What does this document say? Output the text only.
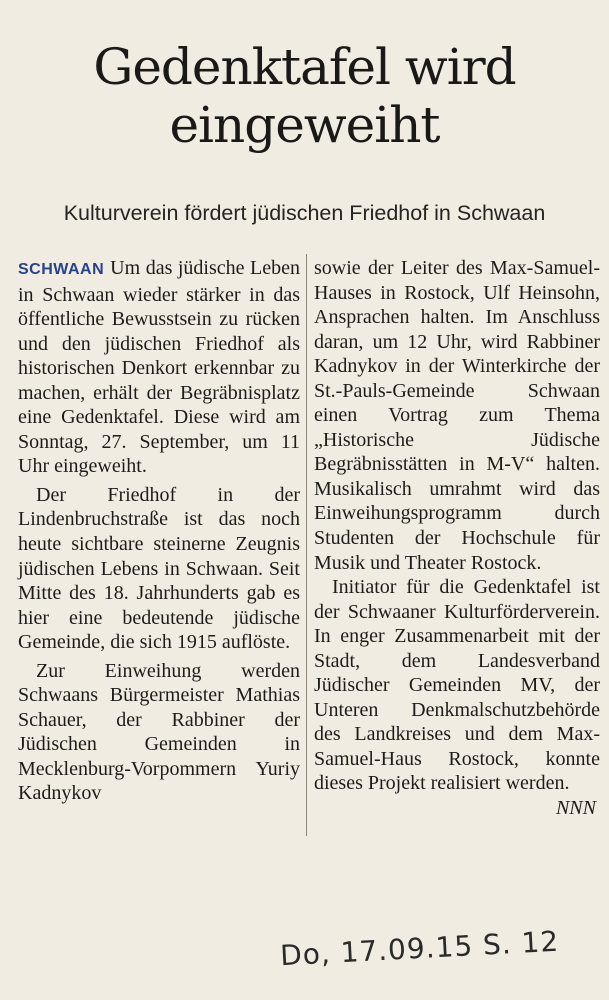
Gedenktafel wird eingeweiht
Kulturverein fördert jüdischen Friedhof in Schwaan

SCHWAAN Um das jüdische Leben in Schwaan wieder stärker in das öffentliche Bewusstsein zu rücken und den jüdischen Friedhof als historischen Denkort erkennbar zu machen, erhält der Begräbnisplatz eine Gedenktafel. Diese wird am Sonntag, 27. September, um 11 Uhr eingeweiht.

Der Friedhof in der Lindenbruchstraße ist das noch heute sichtbare steinerne Zeugnis jüdischen Lebens in Schwaan. Seit Mitte des 18. Jahrhunderts gab es hier eine bedeutende jüdische Gemeinde, die sich 1915 auflöste.

Zur Einweihung werden Schwaans Bürgermeister Mathias Schauer, der Rabbiner der Jüdischen Gemeinden in Mecklenburg-Vorpommern Yuriy Kadnykov

sowie der Leiter des Max-Samuel-Hauses in Rostock, Ulf Heinsohn, Ansprachen halten. Im Anschluss daran, um 12 Uhr, wird Rabbiner Kadnykov in der Winterkirche der St.-Pauls-Gemeinde Schwaan einen Vortrag zum Thema „Historische Jüdische Begräbnisstätten in M-V“ halten. Musikalisch umrahmt wird das Einweihungsprogramm durch Studenten der Hochschule für Musik und Theater Rostock.

Initiator für die Gedenktafel ist der Schwaaner Kulturförderverein. In enger Zusammenarbeit mit der Stadt, dem Landesverband Jüdischer Gemeinden MV, der Unteren Denkmalschutzbehörde des Landkreises und dem Max-Samuel-Haus Rostock, konnte dieses Projekt realisiert werden.
NNN

Do, 17.09.15 S. 12
